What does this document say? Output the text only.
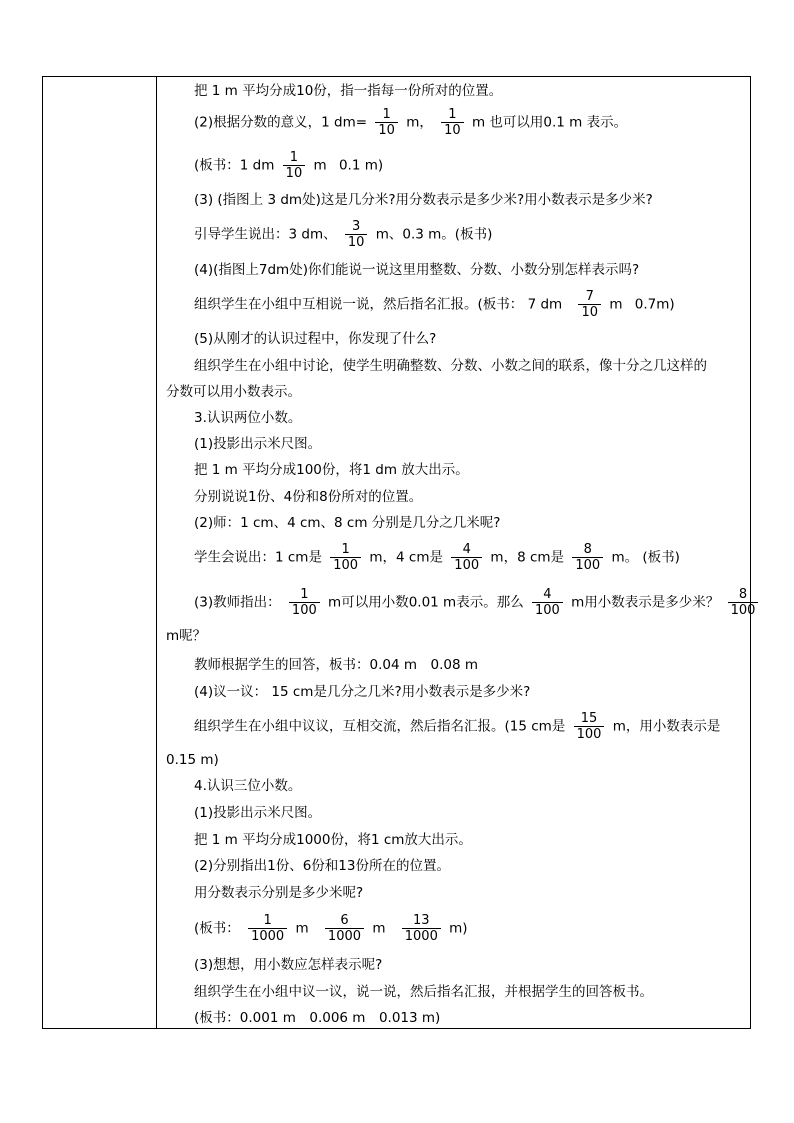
把 1 m 平均分成10份，指一指每一份所对的位置。
(2)根据分数的意义，1 $dm= \frac{1}{10}$ m， $\frac{1}{10}$ m 也可以用0.1 m 表示。
(板书：1 dm $\frac{1}{10}$ m 0.1 m)
(3) (指图上 3 dm处)这是几分米?用分数表示是多少米?用小数表示是多少米?
引导学生说出：3 dm、 $\frac{3}{10}$ m、0.3 m。(板书)
(4)(指图上7dm处)你们能说一说这里用整数、分数、小数分别怎样表示吗?
组织学生在小组中互相说一说，然后指名汇报。(板书： 7 dm $\frac{7}{10}$ m 0.7m)
(5)从刚才的认识过程中，你发现了什么?
组织学生在小组中讨论，使学生明确整数、分数、小数之间的联系，像十分之几这样的
分数可以用小数表示。
3.认识两位小数。
(1)投影出示米尺图。
把 1 m 平均分成100份，将1 dm 放大出示。
分别说说1份、4份和8份所对的位置。
(2)师：1 cm、4 cm、8 cm 分别是几分之几米呢?
学生会说出：1 cm是 $\frac{1}{100}$ m，4 cm是 $\frac{4}{100}$ m，8 cm是 $\frac{8}{100}$ m。 (板书)
(3)教师指出： $\frac{1}{100}$ m可以用小数0.01 m表示。那么 $\frac{4}{100}$ m用小数表示是多少米？ $\frac{8}{100}$
m呢？
教师根据学生的回答，板书：0.04 m　0.08 m
(4)议一议： 15 cm是几分之几米?用小数表示是多少米?
组织学生在小组中议议，互相交流，然后指名汇报。(15 cm是 $\frac{15}{100}$ m，用小数表示是
0.15 m)
4.认识三位小数。
(1)投影出示米尺图。
把 1 m 平均分成1000份，将1 cm放大出示。
(2)分别指出1份、6份和13份所在的位置。
用分数表示分别是多少米呢?
(板书： $\frac{1}{1000}$ m $\frac{6}{1000}$ m $\frac{13}{1000} m$)
(3)想想，用小数应怎样表示呢?
组织学生在小组中议一议，说一说，然后指名汇报，并根据学生的回答板书。
(板书：0.001 m　0.006 m　0.013 m)
